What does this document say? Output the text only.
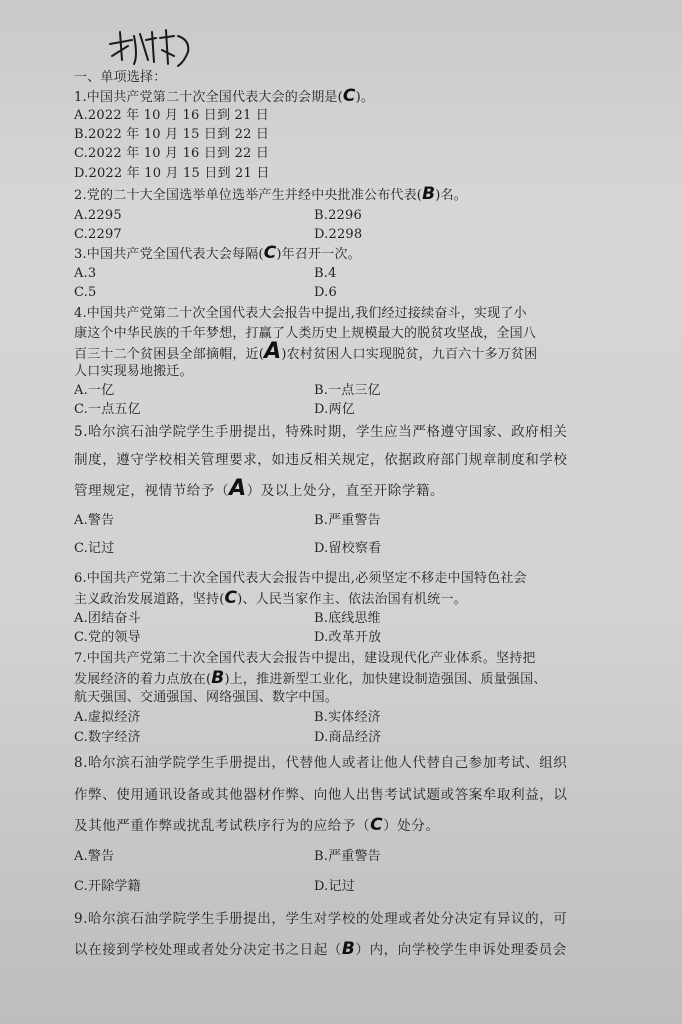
一、单项选择：
1.中国共产党第二十次全国代表大会的会期是(C)。
A.2022 年 10 月 16 日到 21 日
B.2022 年 10 月 15 日到 22 日
C.2022 年 10 月 16 日到 22 日
D.2022 年 10 月 15 日到 21 日
2.党的二十大全国选举单位选举产生并经中央批准公布代表(B)名。
A.2295	B.2296
C.2297	D.2298
3.中国共产党全国代表大会每隔(C)年召开一次。
A.3	B.4
C.5	D.6
4.中国共产党第二十次全国代表大会报告中提出,我们经过接续奋斗，实现了小
康这个中华民族的千年梦想，打赢了人类历史上规模最大的脱贫攻坚战，全国八
百三十二个贫困县全部摘帽，近(A)农村贫困人口实现脱贫，九百六十多万贫困
人口实现易地搬迁。
A.一亿	B.一点三亿
C.一点五亿	D.两亿
5.哈尔滨石油学院学生手册提出，特殊时期，学生应当严格遵守国家、政府相关
制度，遵守学校相关管理要求，如违反相关规定，依据政府部门规章制度和学校
管理规定，视情节给予（A）及以上处分，直至开除学籍。
A.警告	B.严重警告
C.记过	D.留校察看
6.中国共产党第二十次全国代表大会报告中提出,必须坚定不移走中国特色社会
主义政治发展道路，坚持(C)、人民当家作主、依法治国有机统一。
A.团结奋斗	B.底线思维
C.党的领导	D.改革开放
7.中国共产党第二十次全国代表大会报告中提出，建设现代化产业体系。坚持把
发展经济的着力点放在(B)上，推进新型工业化，加快建设制造强国、质量强国、
航天强国、交通强国、网络强国、数字中国。
A.虚拟经济	B.实体经济
C.数字经济	D.商品经济
8.哈尔滨石油学院学生手册提出，代替他人或者让他人代替自己参加考试、组织
作弊、使用通讯设备或其他器材作弊、向他人出售考试试题或答案牟取利益，以
及其他严重作弊或扰乱考试秩序行为的应给予（C）处分。
A.警告	B.严重警告
C.开除学籍	D.记过
9.哈尔滨石油学院学生手册提出，学生对学校的处理或者处分决定有异议的，可
以在接到学校处理或者处分决定书之日起（B）内，向学校学生申诉处理委员会
